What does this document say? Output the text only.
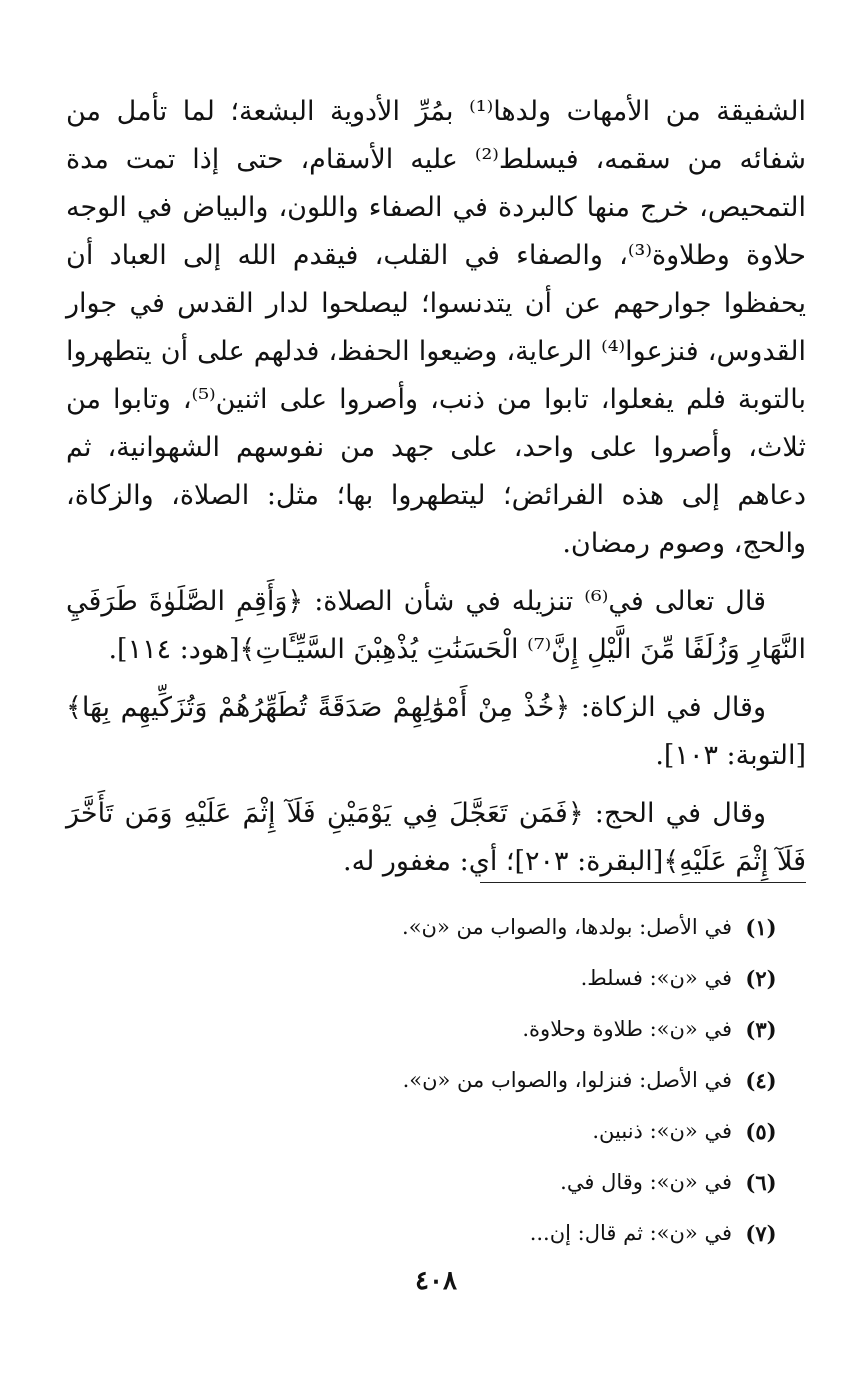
الشفيقة من الأمهات ولدها⁽¹⁾ بمُرِّ الأدوية البشعة؛ لما تأمل من شفائه من سقمه، فيسلط⁽²⁾ عليه الأسقام، حتى إذا تمت مدة التمحيص، خرج منها كالبردة في الصفاء واللون، والبياض في الوجه حلاوة وطلاوة⁽³⁾، والصفاء في القلب، فيقدم الله إلى العباد أن يحفظوا جوارحهم عن أن يتدنسوا؛ ليصلحوا لدار القدس في جوار القدوس، فنزعوا⁽⁴⁾ الرعاية، وضيعوا الحفظ، فدلهم على أن يتطهروا بالتوبة فلم يفعلوا، تابوا من ذنب، وأصروا على اثنين⁽⁵⁾، وتابوا من ثلاث، وأصروا على واحد، على جهد من نفوسهم الشهوانية، ثم دعاهم إلى هذه الفرائض؛ ليتطهروا بها؛ مثل: الصلاة، والزكاة، والحج، وصوم رمضان.

قال تعالى في⁽⁶⁾ تنزيله في شأن الصلاة: ﴿وَأَقِمِ الصَّلَوٰةَ طَرَفَيِ النَّهَارِ وَزُلَفًا مِّنَ الَّيْلِ إِنَّ⁽⁷⁾ الْحَسَنَٰتِ يُذْهِبْنَ السَّيِّـَٔاتِ﴾[هود: ١١٤].

وقال في الزكاة: ﴿خُذْ مِنْ أَمْوَٰلِهِمْ صَدَقَةً تُطَهِّرُهُمْ وَتُزَكِّيهِم بِهَا﴾[التوبة: ١٠٣].

وقال في الحج: ﴿فَمَن تَعَجَّلَ فِي يَوْمَيْنِ فَلَآ إِثْمَ عَلَيْهِ وَمَن تَأَخَّرَ فَلَآ إِثْمَ عَلَيْهِ﴾[البقرة: ٢٠٣]؛ أي: مغفور له.

(١)
في الأصل: بولدها، والصواب من «ن».
(٢)
في «ن»: فسلط.
(٣)
في «ن»: طلاوة وحلاوة.
(٤)
في الأصل: فنزلوا، والصواب من «ن».
(٥)
في «ن»: ذنبين.
(٦)
في «ن»: وقال في.
(٧)
في «ن»: ثم قال: إن...
٤٠٨
